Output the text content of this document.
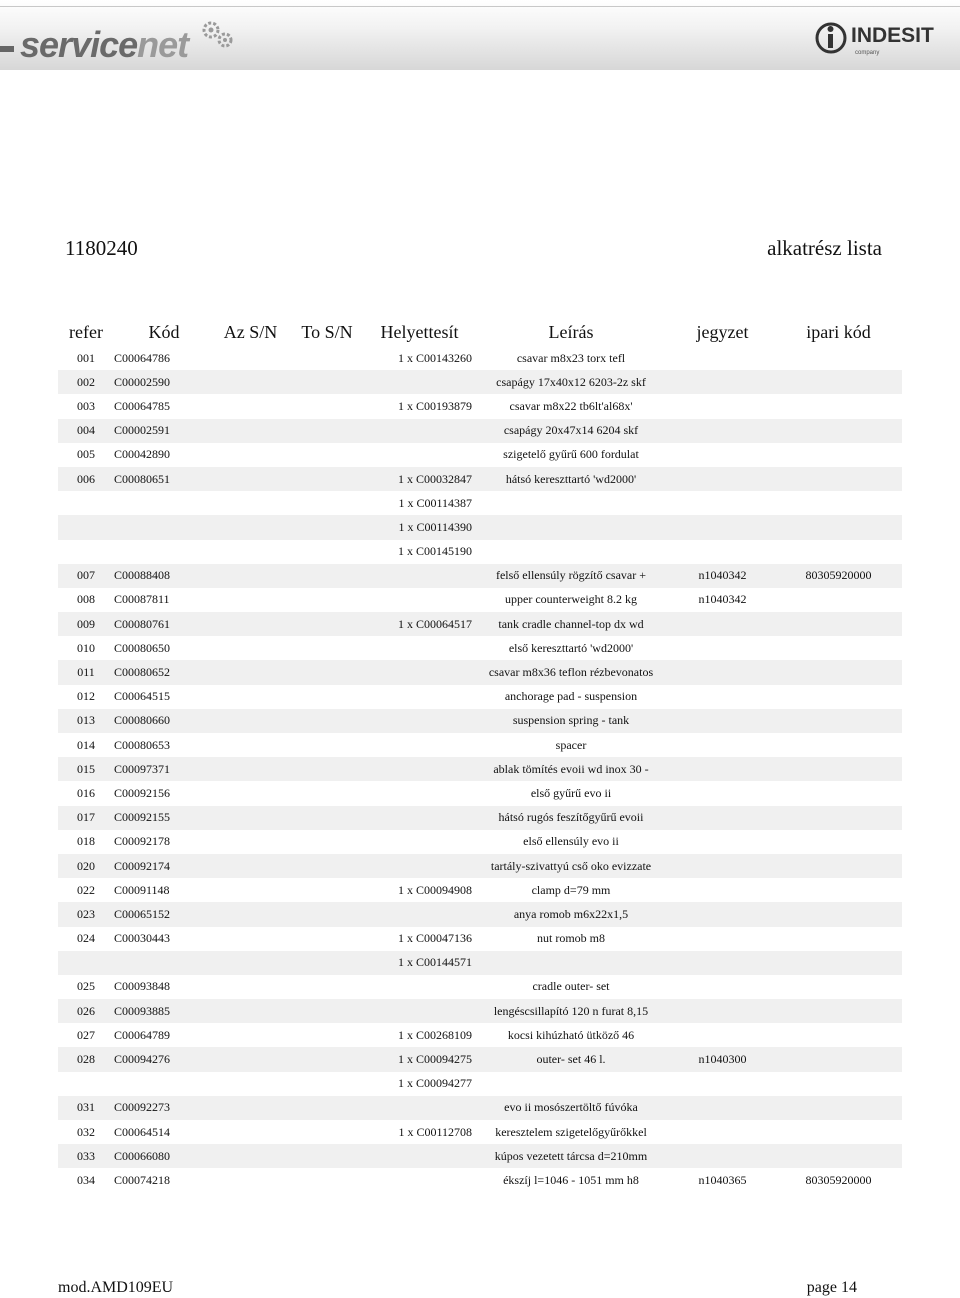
servicenet	INDESIT
company
1180240	alkatrész lista
refer	Kód	Az S/N	To S/N	Helyettesít	Leírás	jegyzet	ipari kód
001	C00064786			1 x C00143260	csavar m8x23 torx tefl		
002	C00002590				csapágy 17x40x12 6203-2z skf		
003	C00064785			1 x C00193879	csavar m8x22 tb6lt'al68x'		
004	C00002591				csapágy 20x47x14 6204 skf		
005	C00042890				szigetelő gyűrű 600 fordulat		
006	C00080651			1 x C00032847	hátsó kereszttartó 'wd2000'		
				1 x C00114387			
				1 x C00114390			
				1 x C00145190			
007	C00088408				felső ellensúly rögzítő csavar +	n1040342	80305920000
008	C00087811				upper counterweight 8.2 kg	n1040342	
009	C00080761			1 x C00064517	tank cradle channel-top dx wd		
010	C00080650				első kereszttartó 'wd2000'		
011	C00080652				csavar m8x36 teflon rézbevonatos		
012	C00064515				anchorage pad - suspension		
013	C00080660				suspension spring - tank		
014	C00080653				spacer		
015	C00097371				ablak tömítés evoii wd inox 30 -		
016	C00092156				első gyűrű evo ii		
017	C00092155				hátsó rugós feszítőgyűrű evoii		
018	C00092178				első ellensúly evo ii		
020	C00092174				tartály-szivattyú cső oko evizzate		
022	C00091148			1 x C00094908	clamp d=79 mm		
023	C00065152				anya romob m6x22x1,5		
024	C00030443			1 x C00047136	nut romob m8		
				1 x C00144571			
025	C00093848				cradle outer- set		
026	C00093885				lengéscsillapító 120 n furat 8,15		
027	C00064789			1 x C00268109	kocsi kihúzható ütköző 46		
028	C00094276			1 x C00094275	outer- set 46 l.	n1040300	
				1 x C00094277			
031	C00092273				evo ii mosószertöltő fúvóka		
032	C00064514			1 x C00112708	keresztelem szigetelőgyűrőkkel		
033	C00066080				kúpos vezetett tárcsa d=210mm		
034	C00074218				ékszíj l=1046 - 1051 mm h8	n1040365	80305920000
mod.AMD109EU	page 14
